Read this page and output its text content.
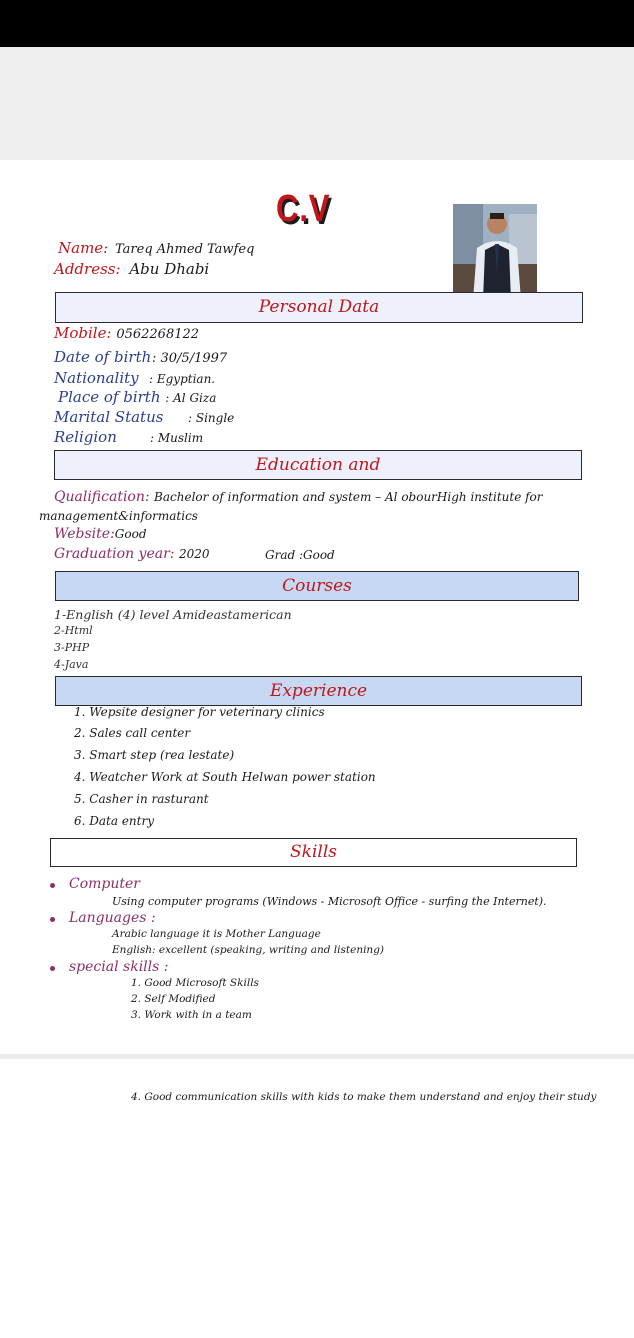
C.V
Name: Tareq Ahmed Tawfeq
Address: Abu Dhabi
Personal Data
Mobile: 0562268122
Date of birth : 30/5/1997
Nationality : Egyptian.
Place of birth : Al Giza
Marital Status : Single
Religion	: Muslim
Education and
Qualification: Bachelor of information and system – Al obourHigh institute for
management&informatics
Website:Good
Graduation year: 2020	Grad :Good
Courses
1-English (4) level Amideastamerican
2-Html
3-PHP
4-Java
Experience
1. Wepsite designer for veterinary clinics
2. Sales call center
3. Smart step (rea lestate)
4. Weatcher Work at South Helwan power station
5. Casher in rasturant
6. Data entry
Skills
Computer
Using computer programs (Windows - Microsoft Office - surfing the Internet).
Languages :
Arabic language it is Mother Language
English: excellent (speaking, writing and listening)
special skills :
1. Good Microsoft Skills
2. Self Modified
3. Work with in a team
4. Good communication skills with kids to make them understand and enjoy their study
